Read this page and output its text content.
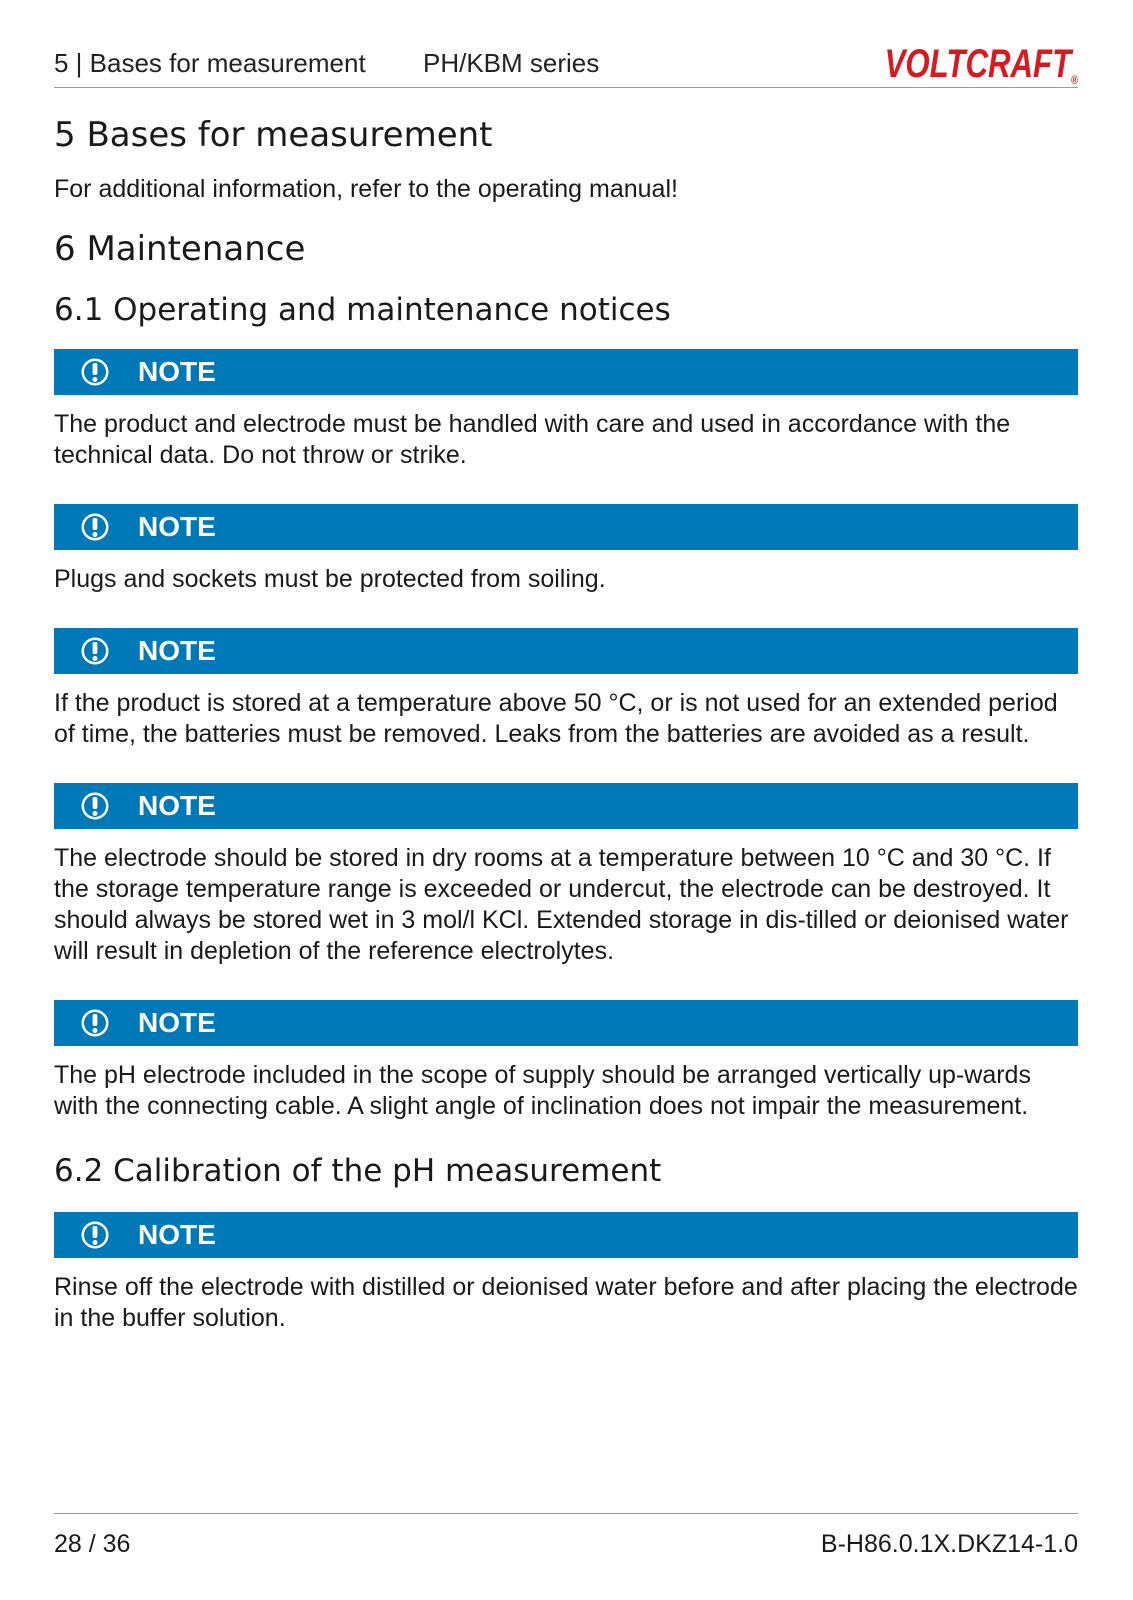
5 | Bases for measurement PH/KBM series	VOLTCRAFT®
5 Bases for measurement

For additional information, refer to the operating manual!

6 Maintenance
6.1 Operating and maintenance notices
NOTE

The product and electrode must be handled with care and used in accordance with the technical data. Do not throw or strike.

NOTE

Plugs and sockets must be protected from soiling.

NOTE

If the product is stored at a temperature above 50 °C, or is not used for an extended period of time, the batteries must be removed. Leaks from the batteries are avoided as a result.

NOTE

The electrode should be stored in dry rooms at a temperature between 10 °C and 30 °C. If the storage temperature range is exceeded or undercut, the electrode can be destroyed. It should always be stored wet in 3 mol/l KCl. Extended storage in dis-tilled or deionised water will result in depletion of the reference electrolytes.

NOTE

The pH electrode included in the scope of supply should be arranged vertically up-wards with the connecting cable. A slight angle of inclination does not impair the measurement.

6.2 Calibration of the pH measurement
NOTE

Rinse off the electrode with distilled or deionised water before and after placing the electrode in the buffer solution.

28 / 36	B-H86.0.1X.DKZ14-1.0
